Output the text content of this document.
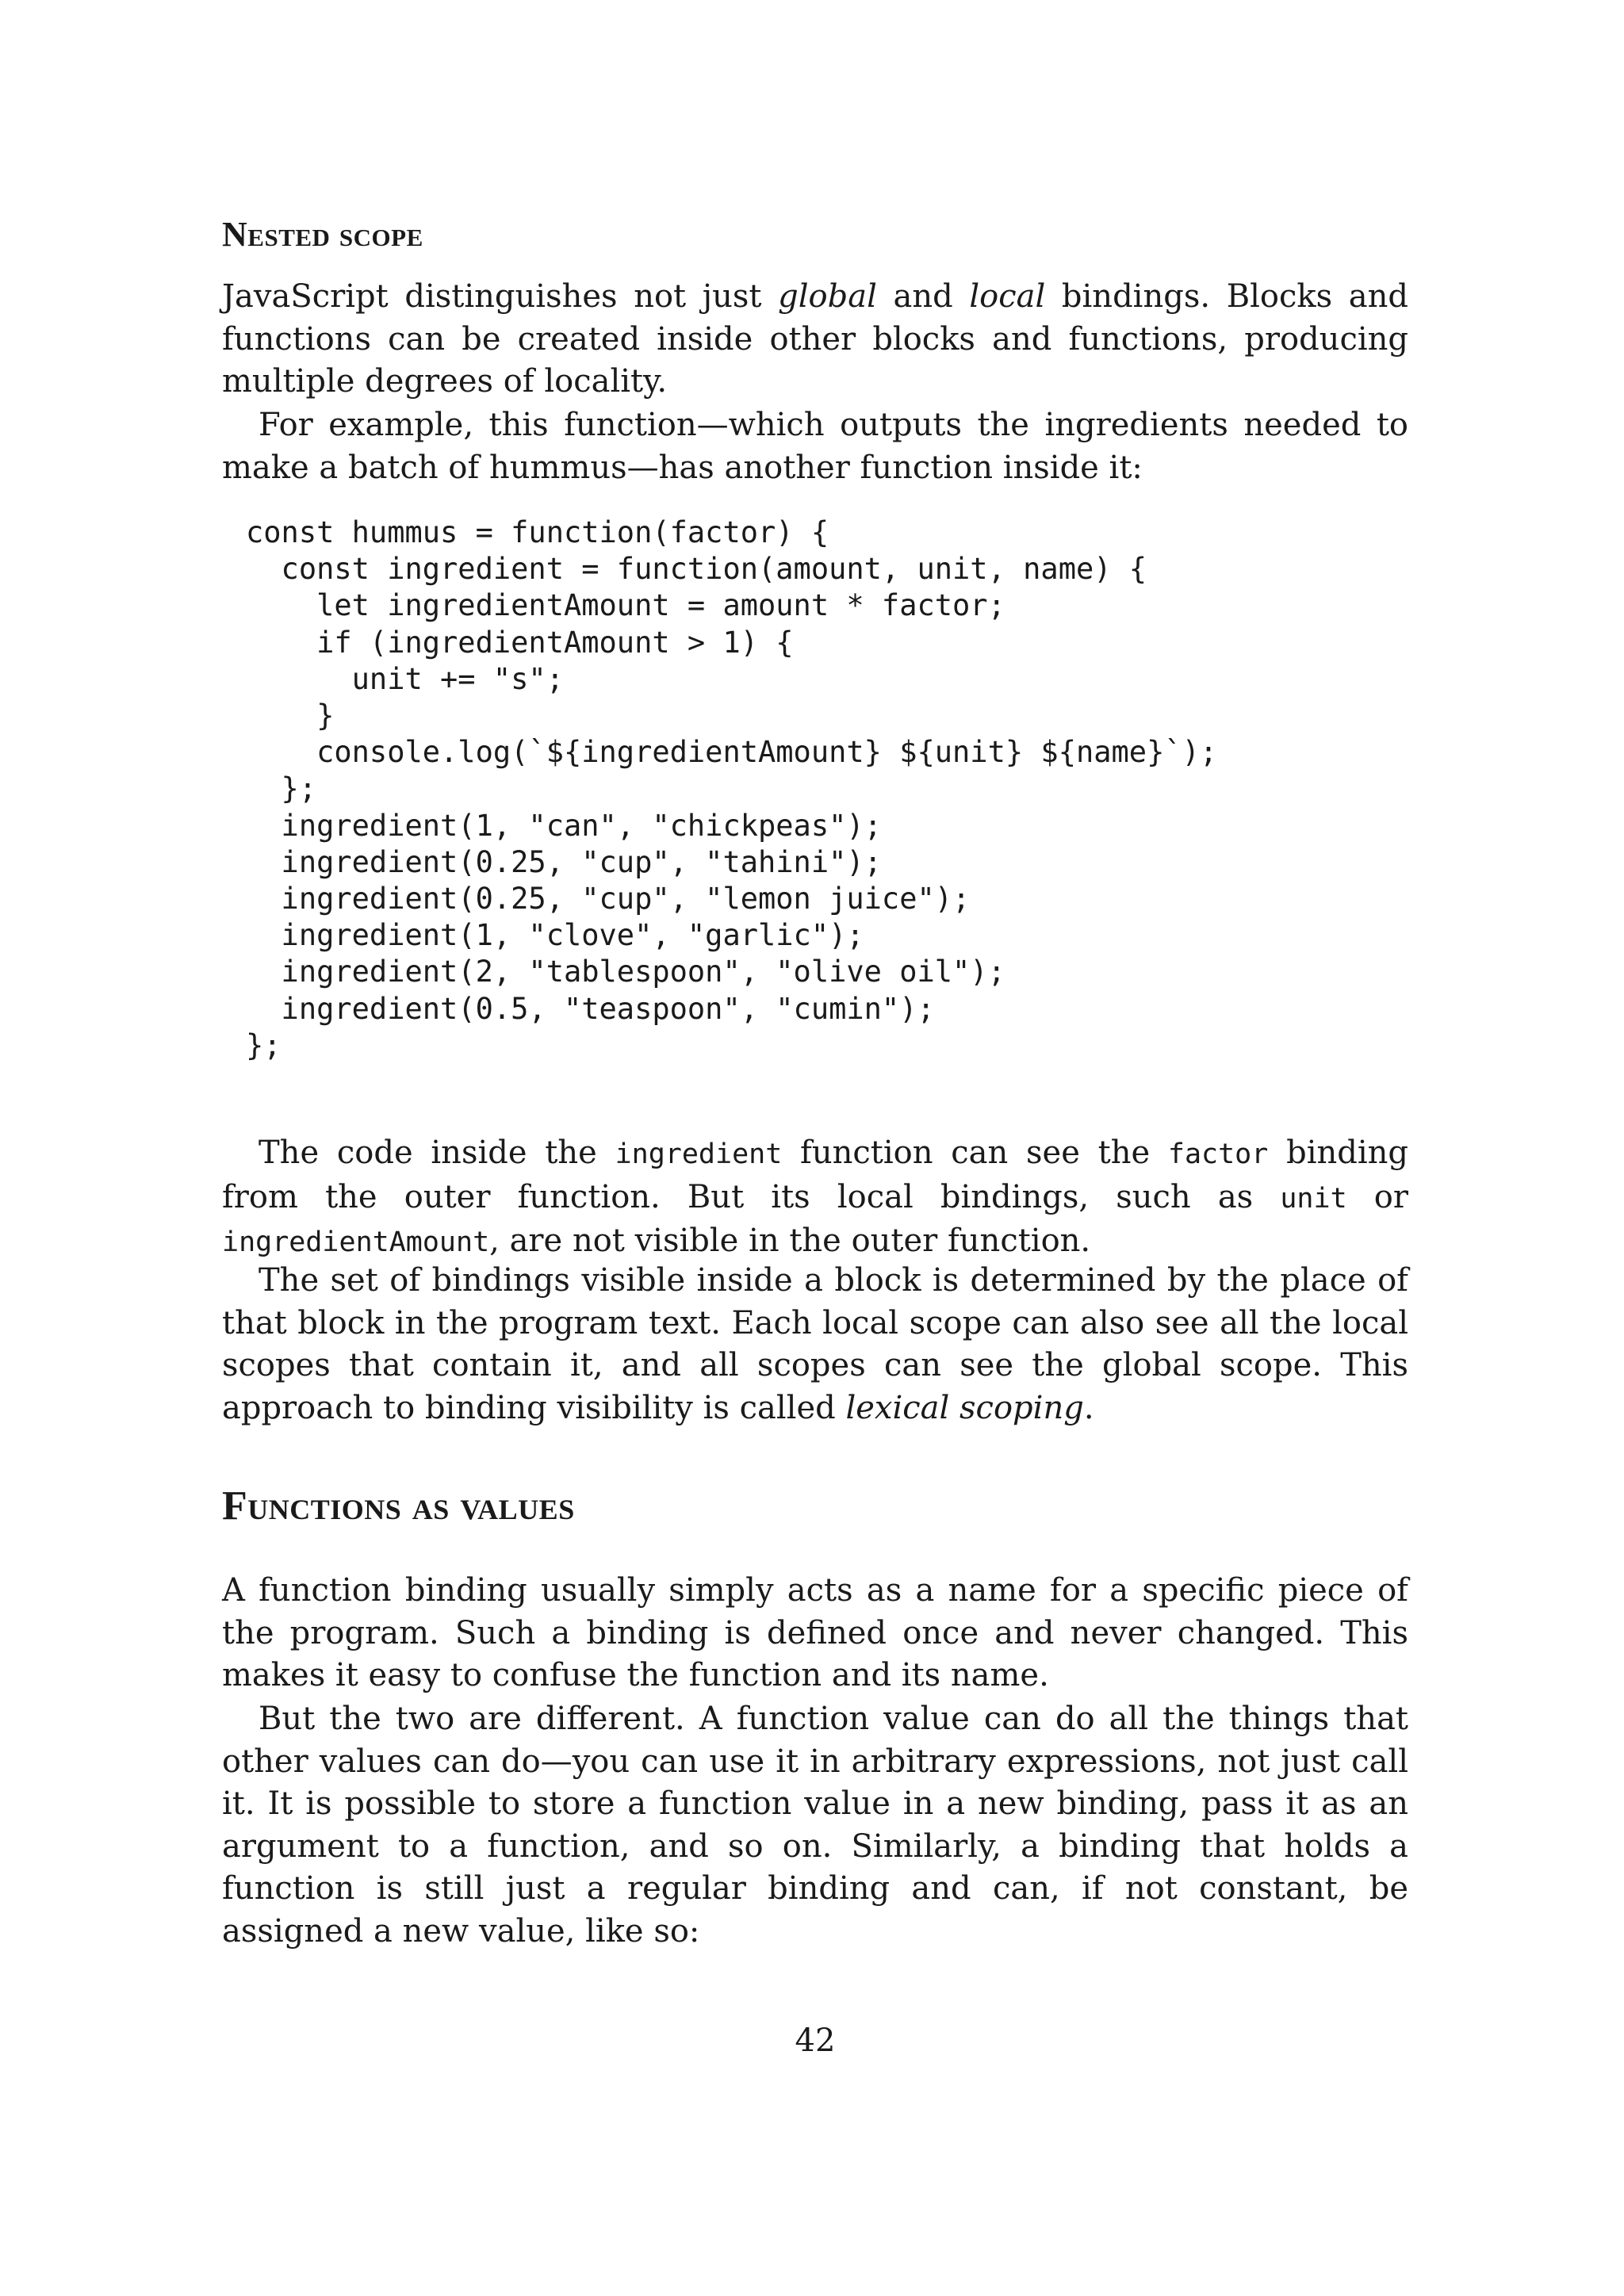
Nested scope

JavaScript distinguishes not just global and local bindings. Blocks and functions can be created inside other blocks and functions, producing multiple degrees of locality.

For example, this function—which outputs the ingredients needed to make a batch of hummus—has another function inside it:

const hummus = function(factor) {
const ingredient = function(amount, unit, name) {
let ingredientAmount = amount * factor;
if (ingredientAmount > 1) {
unit += "s";
}
console.log(`${ingredientAmount} ${unit} ${name}`);
};
ingredient(1, "can", "chickpeas");
ingredient(0.25, "cup", "tahini");
ingredient(0.25, "cup", "lemon juice");
ingredient(1, "clove", "garlic");
ingredient(2, "tablespoon", "olive oil");
ingredient(0.5, "teaspoon", "cumin");
};

The code inside the ingredient function can see the factor binding from the outer function. But its local bindings, such as unit or ingredientAmount, are not visible in the outer function.

The set of bindings visible inside a block is determined by the place of that block in the program text. Each local scope can also see all the local scopes that contain it, and all scopes can see the global scope. This approach to binding visibility is called lexical scoping.

Functions as values

A function binding usually simply acts as a name for a specific piece of the program. Such a binding is defined once and never changed. This makes it easy to confuse the function and its name.

But the two are different. A function value can do all the things that other values can do—you can use it in arbitrary expressions, not just call it. It is possible to store a function value in a new binding, pass it as an argument to a function, and so on. Similarly, a binding that holds a function is still just a regular binding and can, if not constant, be assigned a new value, like so:

42
